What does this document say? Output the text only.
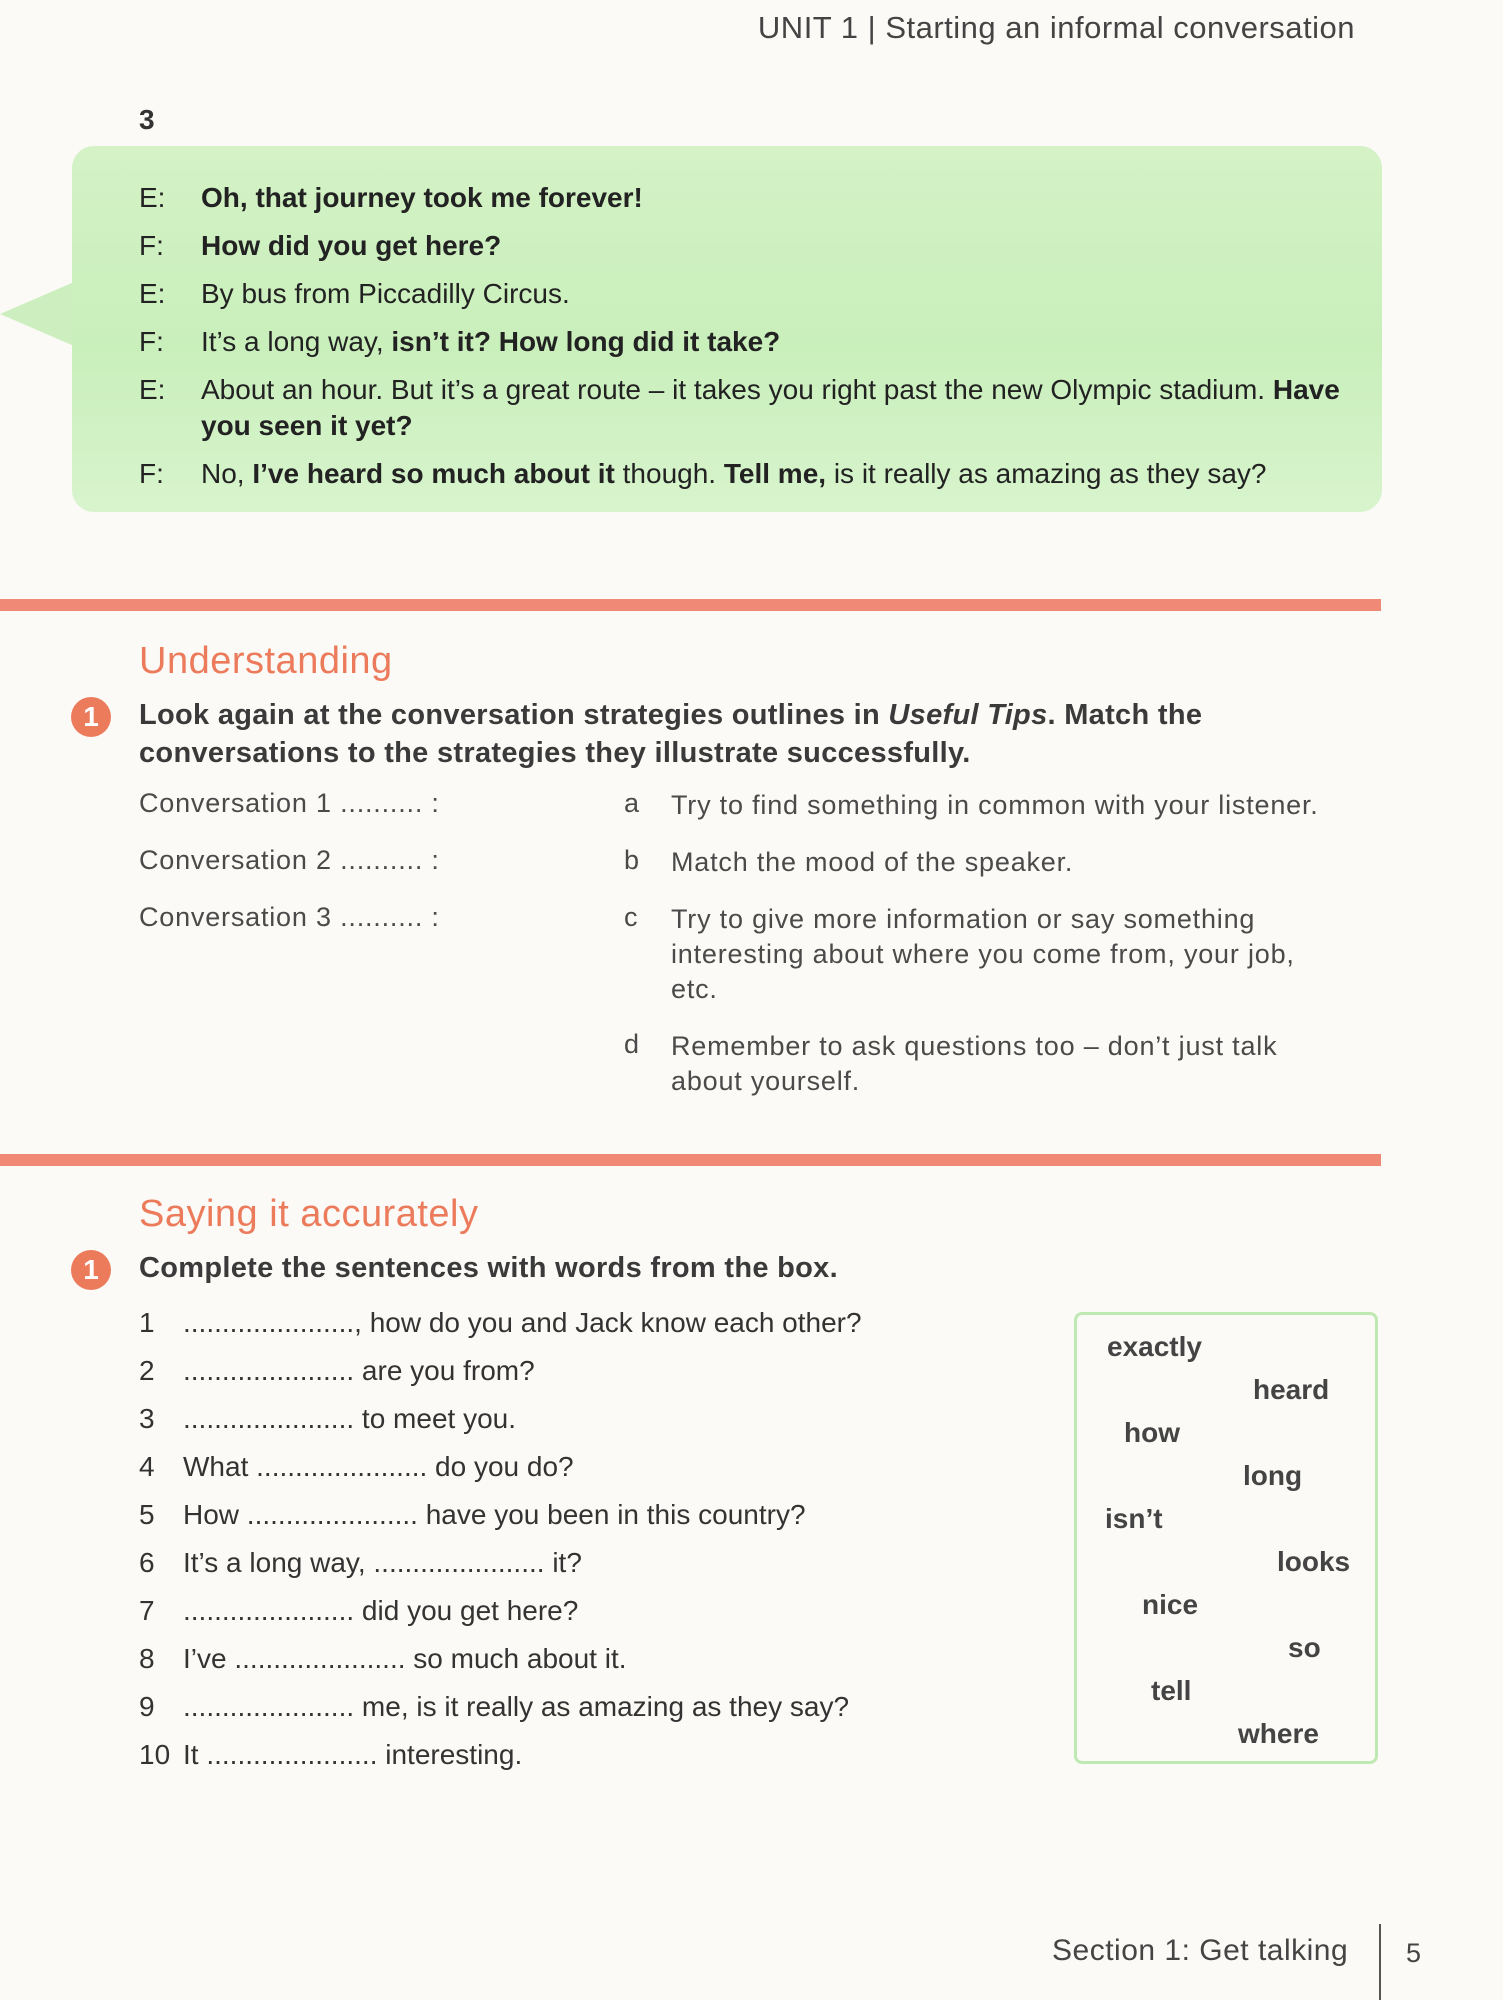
UNIT 1 | Starting an informal conversation
3
E:	Oh, that journey took me forever!
F:	How did you get here?
E:	By bus from Piccadilly Circus.
F:	It’s a long way, isn’t it? How long did it take?
E:	About an hour. But it’s a great route – it takes you right past the new Olympic stadium. Have you seen it yet?
F:	No, I’ve heard so much about it though. Tell me, is it really as amazing as they say?
Understanding
1	Look again at the conversation strategies outlines in Useful Tips. Match the conversations to the strategies they illustrate successfully.
Conversation 1 .......... :
Conversation 2 .......... :
Conversation 3 .......... :
a Try to find something in common with your listener.
b Match the mood of the speaker.
c Try to give more information or say something interesting about where you come from, your job, etc.
d Remember to ask questions too – don’t just talk about yourself.
Saying it accurately
1	Complete the sentences with words from the box.
1 ......................, how do you and Jack know each other?
2 ...................... are you from?
3 ...................... to meet you.
4 What ...................... do you do?
5 How ...................... have you been in this country?
6 It’s a long way, ...................... it?
7 ...................... did you get here?
8 I’ve ...................... so much about it.
9 ...................... me, is it really as amazing as they say?
10 It ...................... interesting.
exactly
heard
how
long
isn’t
looks
nice
so
tell
where
Section 1: Get talking 5
